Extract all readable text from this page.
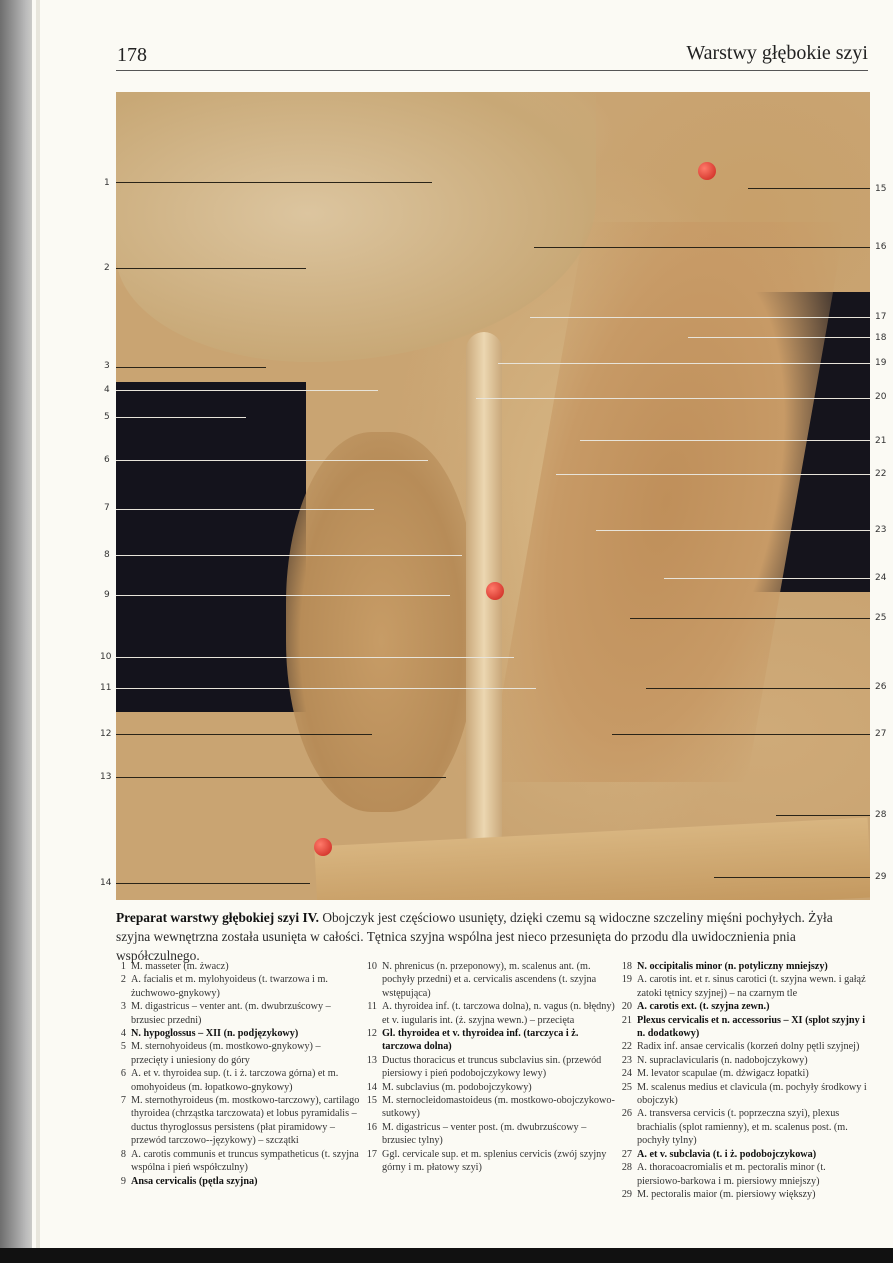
178	Warstwy głębokie szyi
1
2
3
4
5
6
7
8
9
10
11
12
13
14
15
16
17
18
19
20
21
22
23
24
25
26
27
28
29
Preparat warstwy głębokiej szyi IV. Obojczyk jest częściowo usunięty, dzięki czemu są widoczne szczeliny mięśni pochyłych. Żyła szyjna wewnętrzna została usunięta w całości. Tętnica szyjna wspólna jest nieco przesunięta do przodu dla uwidocznienia pnia współczulnego.
1 M. masseter (m. żwacz)
2 A. facialis et m. mylohyoideus (t. twarzowa i m. żuchwowo-gnykowy)
3 M. digastricus – venter ant. (m. dwubrzuścowy – brzusiec przedni)
4 N. hypoglossus – XII (n. podjęzykowy)
5 M. sternohyoideus (m. mostkowo-gnykowy) – przecięty i uniesiony do góry
6 A. et v. thyroidea sup. (t. i ż. tarczowa górna) et m. omohyoideus (m. łopatkowo-gnykowy)
7 M. sternothyroideus (m. mostkowo-tarczowy), cartilago thyroidea (chrząstka tarczowata) et lobus pyramidalis – ductus thyroglossus persistens (płat piramidowy – przewód tarczowo--językowy) – szczątki
8 A. carotis communis et truncus sympatheticus (t. szyjna wspólna i pień współczulny)
9 Ansa cervicalis (pętla szyjna)
10 N. phrenicus (n. przeponowy), m. scalenus ant. (m. pochyły przedni) et a. cervicalis ascendens (t. szyjna wstępująca)
11 A. thyroidea inf. (t. tarczowa dolna), n. vagus (n. błędny) et v. iugularis int. (ż. szyjna wewn.) – przecięta
12 Gl. thyroidea et v. thyroidea inf. (tarczyca i ż. tarczowa dolna)
13 Ductus thoracicus et truncus subclavius sin. (przewód piersiowy i pień podobojczykowy lewy)
14 M. subclavius (m. podobojczykowy)
15 M. sternocleidomastoideus (m. mostkowo-obojczykowo-sutkowy)
16 M. digastricus – venter post. (m. dwubrzuścowy – brzusiec tylny)
17 Ggl. cervicale sup. et m. splenius cervicis (zwój szyjny górny i m. płatowy szyi)
18 N. occipitalis minor (n. potyliczny mniejszy)
19 A. carotis int. et r. sinus carotici (t. szyjna wewn. i gałąź zatoki tętnicy szyjnej) – na czarnym tle
20 A. carotis ext. (t. szyjna zewn.)
21 Plexus cervicalis et n. accessorius – XI (splot szyjny i n. dodatkowy)
22 Radix inf. ansae cervicalis (korzeń dolny pętli szyjnej)
23 N. supraclavicularis (n. nadobojczykowy)
24 M. levator scapulae (m. dźwigacz łopatki)
25 M. scalenus medius et clavicula (m. pochyły środkowy i obojczyk)
26 A. transversa cervicis (t. poprzeczna szyi), plexus brachialis (splot ramienny), et m. scalenus post. (m. pochyły tylny)
27 A. et v. subclavia (t. i ż. podobojczykowa)
28 A. thoracoacromialis et m. pectoralis minor (t. piersiowo-barkowa i m. piersiowy mniejszy)
29 M. pectoralis maior (m. piersiowy większy)
